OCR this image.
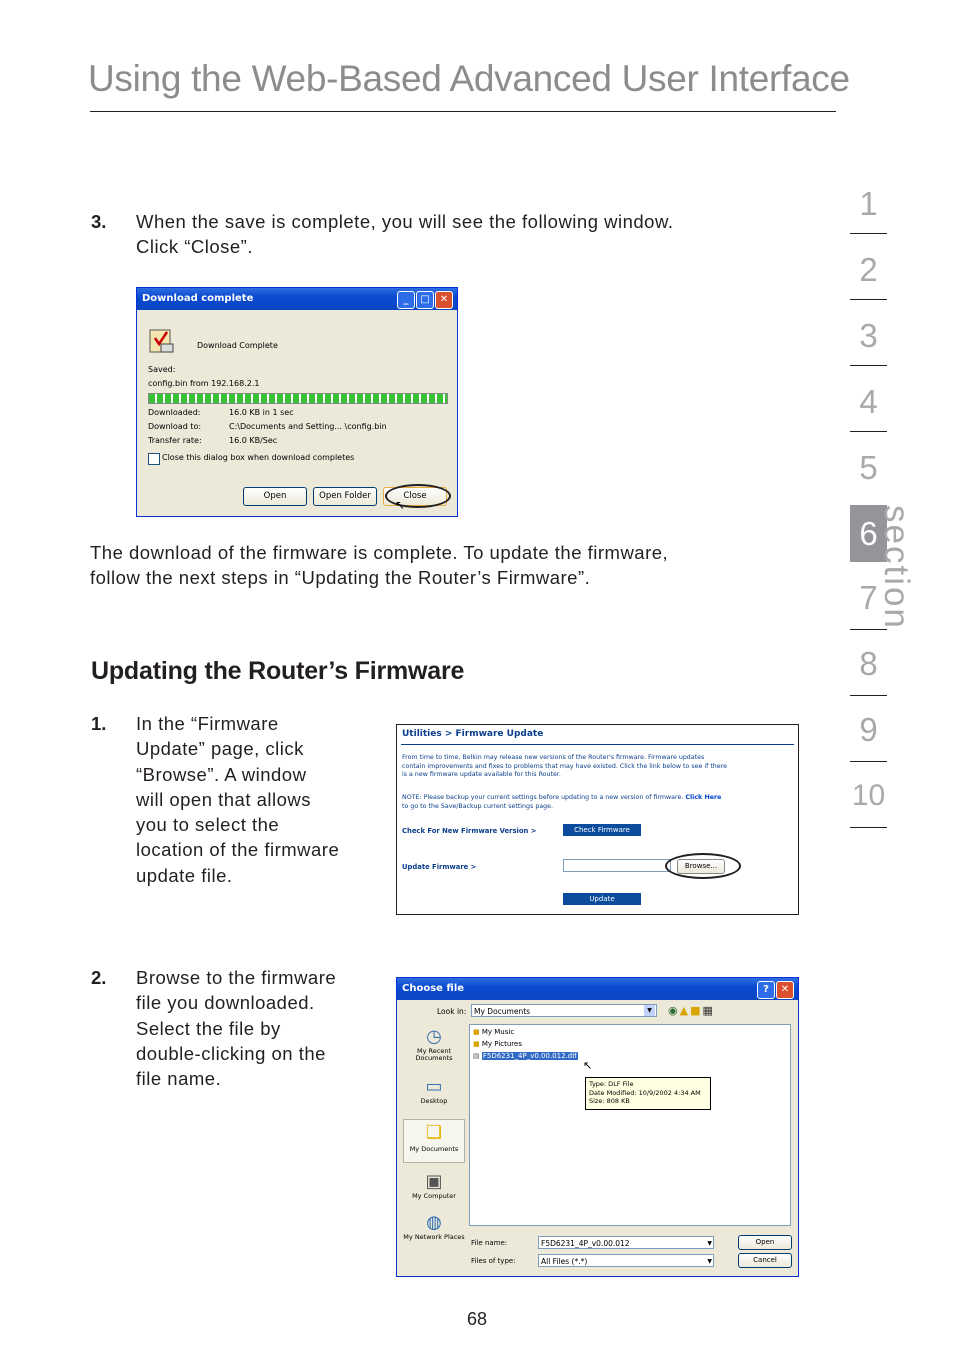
Using the Web-Based Advanced User Interface
1
2
3
4
5
6
7
8
9
10
section
3. When the save is complete, you will see the following window.
Click “Close”.
Download complete	_	□	✕
Download Complete
Saved:
config.bin from 192.168.2.1
Downloaded:	16.0 KB in 1 sec
Download to:	C:\Documents and Setting... \config.bin
Transfer rate:	16.0 KB/Sec
Close this dialog box when download completes
Open	Open Folder	Close
↖
The download of the firmware is complete. To update the firmware,
follow the next steps in “Updating the Router’s Firmware”.
Updating the Router’s Firmware
1. In the “Firmware
Update” page, click
“Browse”. A window
will open that allows
you to select the
location of the firmware
update file.
Utilities > Firmware Update
From time to time, Belkin may release new versions of the Router's firmware. Firmware updates
contain improvements and fixes to problems that may have existed. Click the link below to see if there
is a new firmware update available for this Router.
NOTE: Please backup your current settings before updating to a new version of firmware. Click Here
to go to the Save/Backup current settings page.
Check For New Firmware Version >	Check Firmware
Update Firmware >	Browse...
Update
2. Browse to the firmware
file you downloaded.
Select the file by
double-clicking on the
file name.
Choose file	?	✕
Look in:	My Documents	▼ ◉▲■▦
◷
My Recent Documents
▭
Desktop
❏
My Documents
▣
My Computer
◍
My Network Places
■ My Music
■ My Pictures
▤ F5D6231_4P_v0.00.012.dlf
↖
Type: DLF File
Date Modified: 10/9/2002 4:34 AM
Size: 808 KB
File name:	F5D6231_4P_v0.00.012	▼
Files of type:	All Files (*.*)	▼
Open
Cancel
68
